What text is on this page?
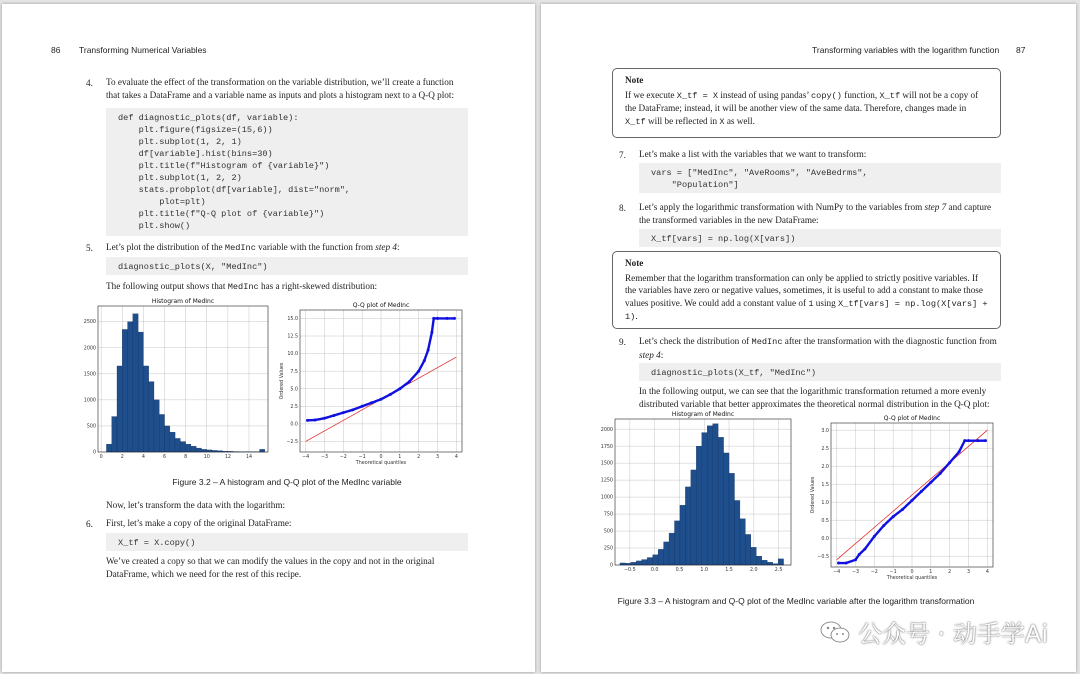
86 Transforming Numerical Variables
4. To evaluate the effect of the transformation on the variable distribution, we’ll create a function that takes a DataFrame and a variable name as inputs and plots a histogram next to a Q-Q plot:
def diagnostic_plots(df, variable):
plt.figure(figsize=(15,6))
plt.subplot(1, 2, 1)
df[variable].hist(bins=30)
plt.title(f"Histogram of {variable}")
plt.subplot(1, 2, 2)
stats.probplot(df[variable], dist="norm",
plot=plt)
plt.title(f"Q-Q plot of {variable}")
plt.show()
5. Let’s plot the distribution of the MedInc variable with the function from step 4:
diagnostic_plots(X, "MedInc")
The following output shows that MedInc has a right-skewed distribution:
Histogram of MedInc
0	2	4	6	8	10	12	14
0
500
1000
1500
2000
2500
Q-Q plot of MedInc
−4 −3 −2 −1	0	1	2	3	4
−2.5
0.0
2.5
5.0
7.5
10.0
12.5
15.0
Theoretical quantiles
Ordered Values
Figure 3.2 – A histogram and Q-Q plot of the MedInc variable
Now, let’s transform the data with the logarithm:
6. First, let’s make a copy of the original DataFrame:
X_tf = X.copy()
We’ve created a copy so that we can modify the values in the copy and not in the original DataFrame, which we need for the rest of this recipe.
Transforming variables with the logarithm function 87
Note
If we execute X_tf = X instead of using pandas’ copy() function, X_tf will not be a copy of the DataFrame; instead, it will be another view of the same data. Therefore, changes made in X_tf will be reflected in X as well.
7. Let’s make a list with the variables that we want to transform:
vars = ["MedInc", "AveRooms", "AveBedrms",
"Population"]
8. Let’s apply the logarithmic transformation with NumPy to the variables from step 7 and capture the transformed variables in the new DataFrame:
X_tf[vars] = np.log(X[vars])
Note
Remember that the logarithm transformation can only be applied to strictly positive variables. If the variables have zero or negative values, sometimes, it is useful to add a constant to make those values positive. We could add a constant value of 1 using X_tf[vars] = np.log(X[vars] + 1).
9. Let’s check the distribution of MedInc after the transformation with the diagnostic function from step 4:
diagnostic_plots(X_tf, "MedInc")
In the following output, we can see that the logarithmic transformation returned a more evenly distributed variable that better approximates the theoretical normal distribution in the Q-Q plot:
Histogram of MedInc
−0.5	0.0	0.5	1.0	1.5	2.0	2.5
0
250
500
750
1000
1250
1500
1750
2000
Q-Q plot of MedInc
−4 −3 −2 −1	0	1	2	3	4
−0.5
0.0
0.5
1.0
1.5
2.0
2.5
3.0
Theoretical quantiles
Ordered Values
Figure 3.3 – A histogram and Q-Q plot of the MedInc variable after the logarithm transformation
公众号 · 动手学Ai
